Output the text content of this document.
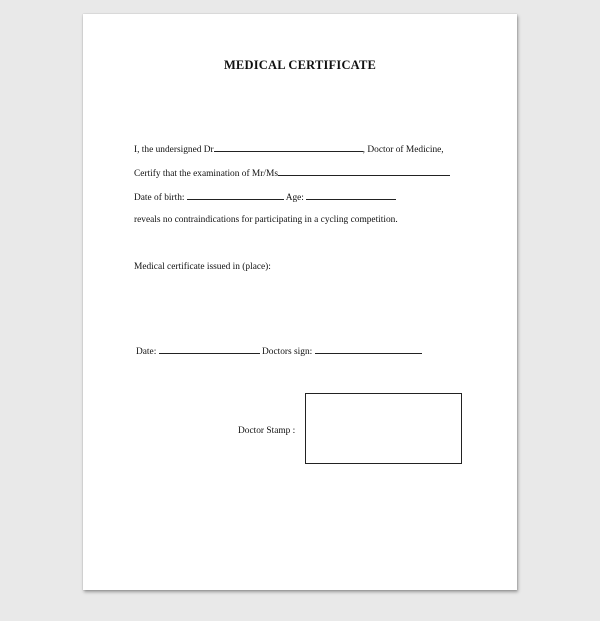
MEDICAL CERTIFICATE
I, the undersigned Dr	, Doctor of Medicine,
Certify that the examination of Mr/Ms
Date of birth:	Age:
reveals no contraindications for participating in a cycling competition.
Medical certificate issued in (place):
Date:	Doctors sign:
Doctor Stamp :
